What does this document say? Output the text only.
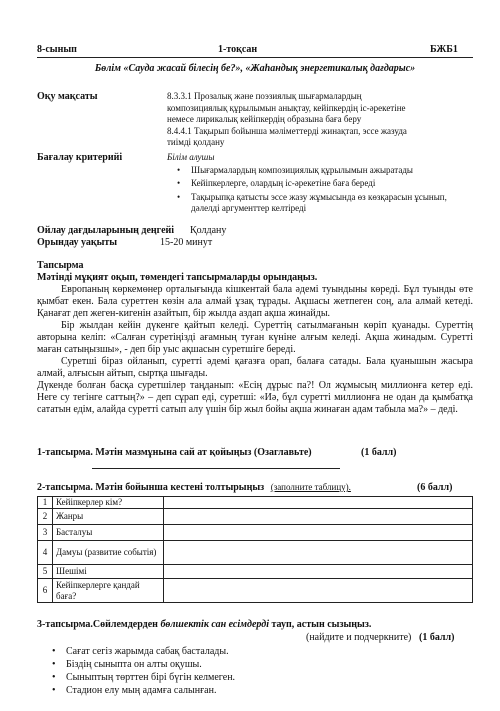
8-сынып	1-тоқсан	БЖБ1
Бөлім «Сауда жасай білесің бе?», «Жаһандық энергетикалық дағдарыс»
Оқу мақсаты	8.3.3.1 Прозалық және поэзиялық шығармалардың
композициялық құрылымын анықтау, кейіпкердің іс-әрекетіне
немесе лирикалық кейіпкердің образына баға беру
8.4.4.1 Тақырып бойынша мәліметтерді жинақтап, эссе жазуда
тиімді қолдану
Бағалау критерийі	Білім алушы
• Шығармалардың композициялық құрылымын ажыратады
• Кейіпкерлерге, олардың іс-әрекетіне баға береді
• Тақырыпқа қатысты эссе жазу жұмысында өз көзқарасын ұсынып, дәлелді аргументтер келтіреді
Ойлау дағдыларының деңгейі Қолдану
Орындау уақыты	15-20 минут
Тапсырма
Мәтінді мұқият оқып, төмендегі тапсырмаларды орындаңыз.
Европаның көркемөнер орталығында кішкентай бала әдемі туындыны көреді. Бұл туынды өте қымбат екен. Бала суреттен көзін ала алмай ұзақ тұрады. Ақшасы жетпеген соң, ала алмай кетеді. Қанағат деп жеген-кигенін азайтып, бір жылда аздап ақша жинайды.
Бір жылдан кейін дүкенге қайтып келеді. Суреттің сатылмағанын көріп қуанады. Суреттің авторына келіп: «Салған суретіңізді ағамның туған күніне алғым келеді. Ақша жинадым. Суретті маған сатыңызшы», - деп бір уыс ақшасын суретшіге береді.
Суретші біраз ойланып, суретті әдемі қағазға орап, балаға сатады. Бала қуанышын жасыра алмай, алғысын айтып, сыртқа шығады.
Дүкенде болған басқа суретшілер таңданып: «Есің дұрыс па?! Ол жұмысың миллионға кетер еді. Неге су тегінге саттың?» – деп сұрап еді, суретші: «Иә, бұл суретті миллионға не одан да қымбатқа сататын едім, алайда суретті сатып алу үшін бір жыл бойы ақша жинаған адам табыла ма?» – деді.
1-тапсырма. Мәтін мазмұнына сай ат қойыңыз (Озаглавьте)	(1 балл)
2-тапсырма. Мәтін бойынша кестені толтырыңыз (заполните таблицу).	(6 балл)
1	Кейіпкерлер кім?	
2	Жанры	
3	Басталуы	
4	Дамуы (развитие событія)	
5	Шешімі	
6	Кейіпкерлерге қандай баға?	
3-тапсырма.Сөйлемдерден бөлшектік сан есімдерді тауп, астын сызыңыз.
(найдите и подчеркните) (1 балл)
• Сағат сегіз жарымда сабақ басталады.
• Біздің сыныпта он алты оқушы.
• Сыныптың төрттен бірі бүгін келмеген.
• Стадион елу мың адамға салынған.
